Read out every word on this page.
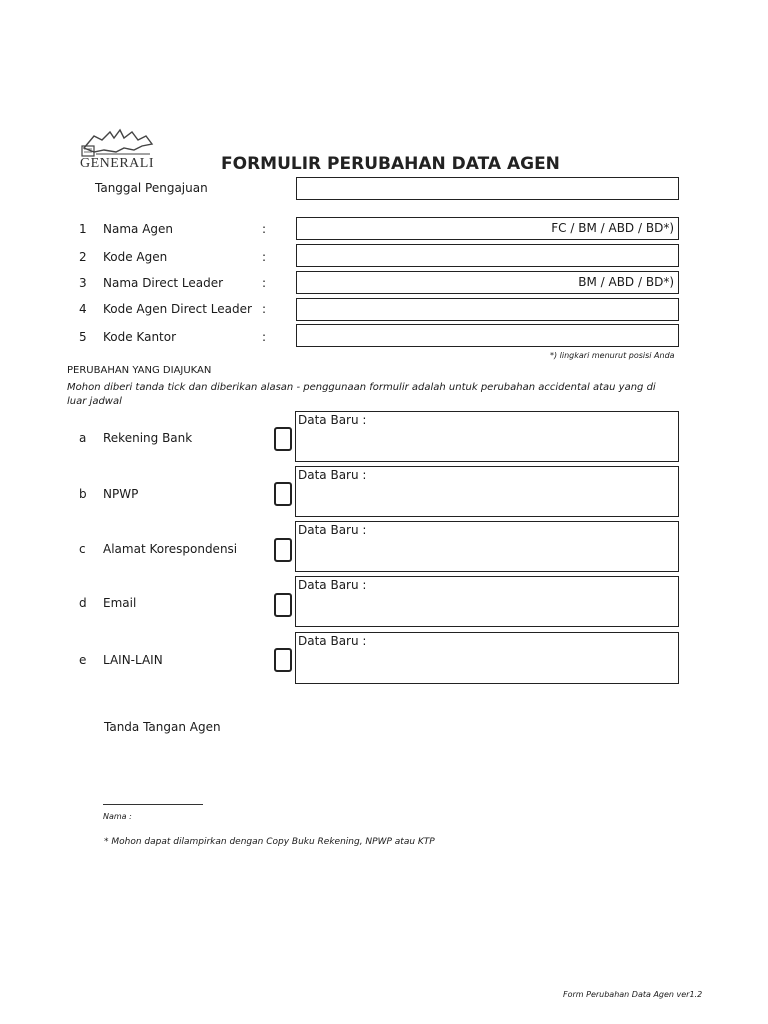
GENERALI	FORMULIR PERUBAHAN DATA AGEN
Tanggal Pengajuan
1 Nama Agen	:	FC / BM / ABD / BD*)
2 Kode Agen	:
3 Nama Direct Leader	:	BM / ABD / BD*)
4 Kode Agen Direct Leader :
5 Kode Kantor	:
*) lingkari menurut posisi Anda
PERUBAHAN YANG DIAJUKAN
Mohon diberi tanda tick dan diberikan alasan - penggunaan formulir adalah untuk perubahan accidental atau yang di luar jadwal
a Rekening Bank
Data Baru :
b NPWP
Data Baru :
c Alamat Korespondensi
Data Baru :
d Email
Data Baru :
e LAIN-LAIN
Data Baru :
Tanda Tangan Agen
Nama :
* Mohon dapat dilampirkan dengan Copy Buku Rekening, NPWP atau KTP
Form Perubahan Data Agen ver1.2
